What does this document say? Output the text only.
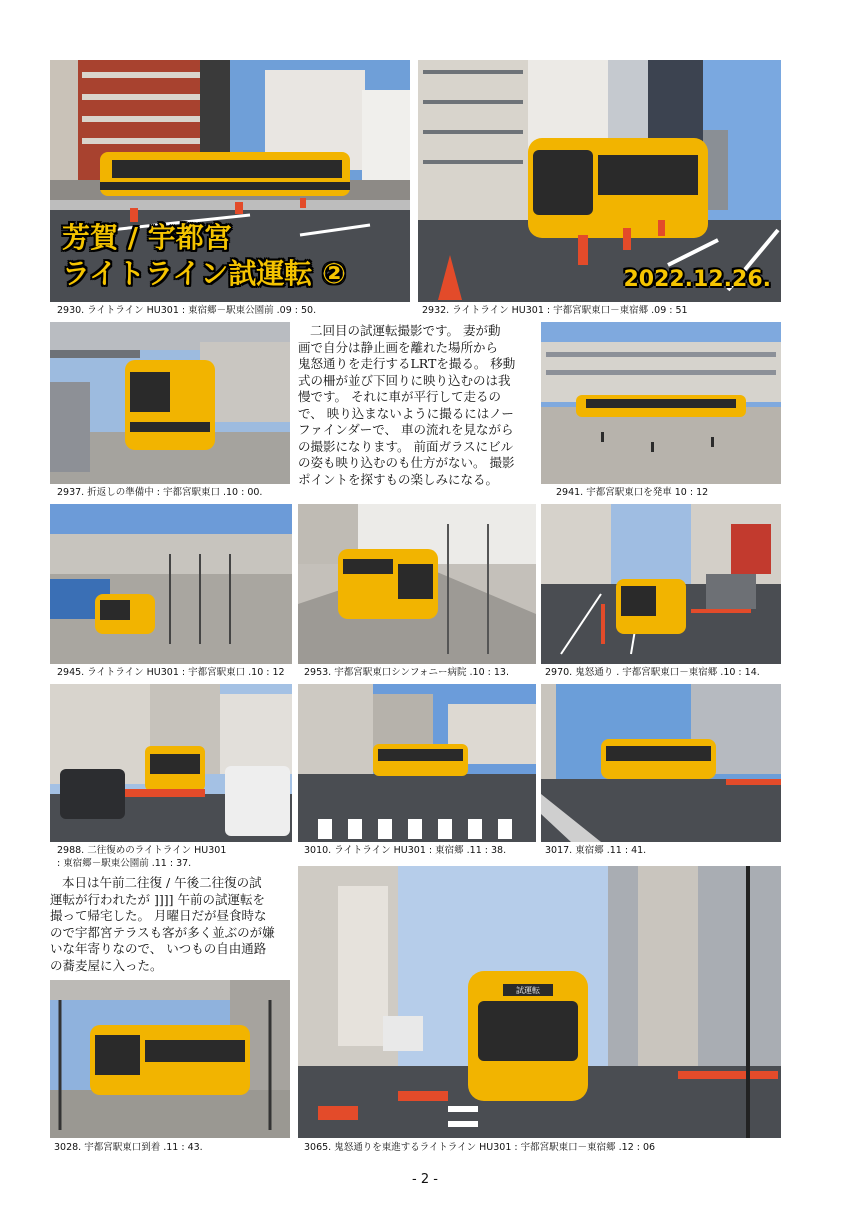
芳賀 / 宇都宮
ライトライン試運転 ②
2930. ライトライン HU301 : 東宿郷－駅東公園前 .09 : 50.
2022.12.26.
2932. ライトライン HU301 : 宇都宮駅東口－東宿郷 .09 : 51
2937. 折返しの準備中 : 宇都宮駅東口 .10 : 00.

二回目の試運転撮影です。 妻が動

画で自分は静止画を離れた場所から

鬼怒通りを走行するLRTを撮る。 移動

式の柵が並び下回りに映り込むのは我

慢です。 それに車が平行して走るの

で、 映り込まないように撮るにはノー

ファインダーで、 車の流れを見ながら

の撮影になります。 前面ガラスにビル

の姿も映り込むのも仕方がない。 撮影

ポイントを探すもの楽しみになる。

2941. 宇都宮駅東口を発車 10 : 12
2945. ライトライン HU301 : 宇都宮駅東口 .10 : 12 2953. 宇都宮駅東口シンフォニー病院 .10 : 13.	2970. 鬼怒通り . 宇都宮駅東口－東宿郷 .10 : 14.
2988. 二往復めのライトライン HU301
: 東宿郷－駅東公園前 .11 : 37.
3010. ライトライン HU301 : 東宿郷 .11 : 38.	3017. 東宿郷 .11 : 41.

本日は午前二往復 / 午後二往復の試

運転が行われたが ]]]] 午前の試運転を

撮って帰宅した。 月曜日だが昼食時な

ので宇都宮テラスも客が多く並ぶのが嫌

いな年寄りなので、 いつもの自由通路

の蕎麦屋に入った。

3028. 宇都宮駅東口到着 .11 : 43.
試運転
3065. 鬼怒通りを東進するライトライン HU301 : 宇都宮駅東口－東宿郷 .12 : 06
- 2 -
